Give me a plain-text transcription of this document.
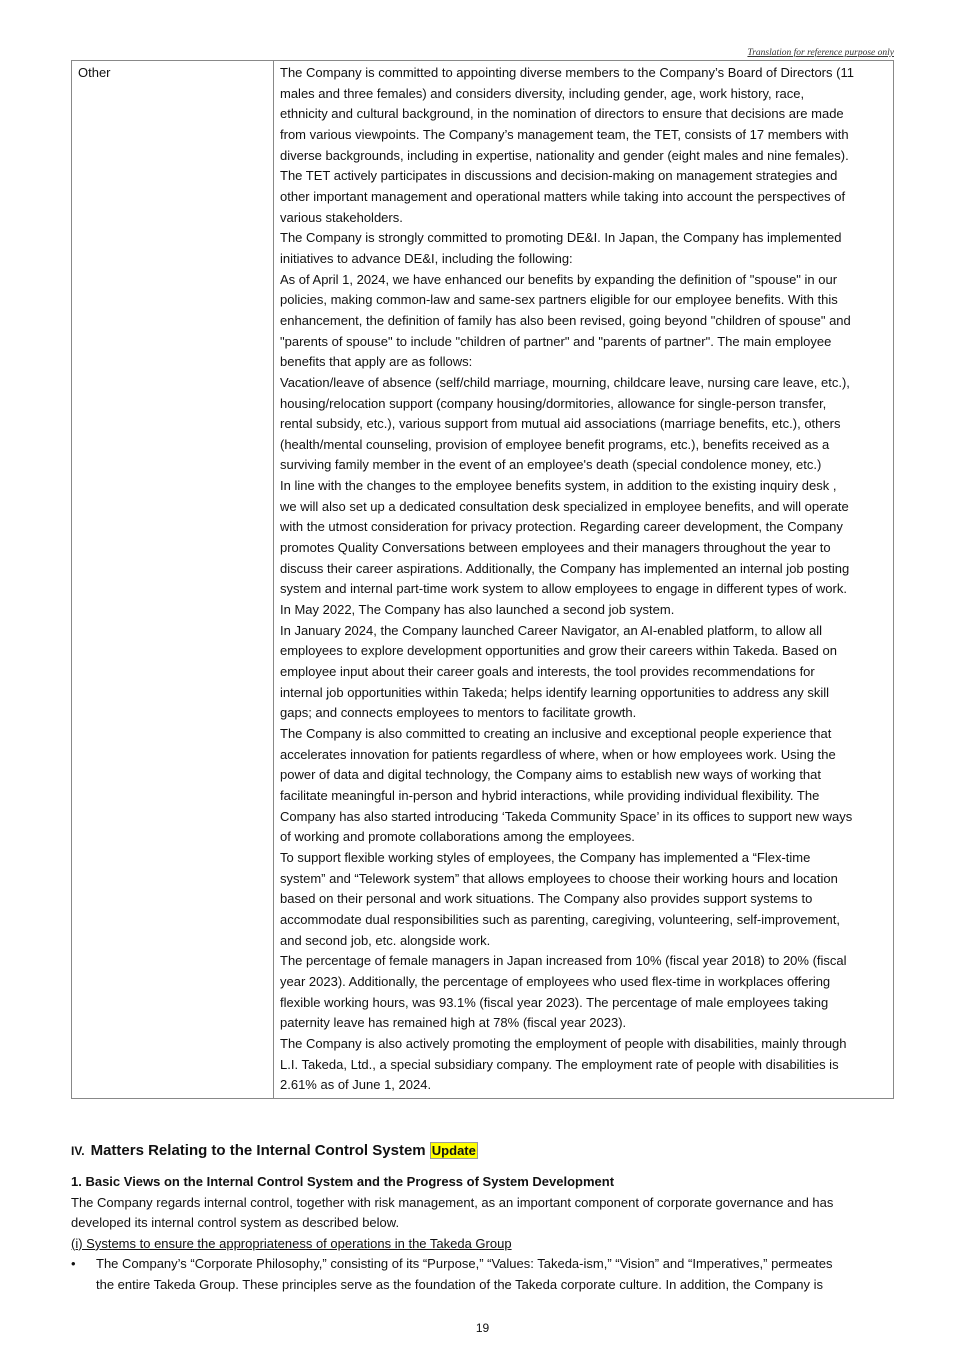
Translation for reference purpose only
Other	The Company is committed to appointing diverse members to the Company’s Board of Directors (11
males and three females) and considers diversity, including gender, age, work history, race,
ethnicity and cultural background, in the nomination of directors to ensure that decisions are made
from various viewpoints. The Company’s management team, the TET, consists of 17 members with
diverse backgrounds, including in expertise, nationality and gender (eight males and nine females).
The TET actively participates in discussions and decision-making on management strategies and
other important management and operational matters while taking into account the perspectives of
various stakeholders.
The Company is strongly committed to promoting DE&I. In Japan, the Company has implemented
initiatives to advance DE&I, including the following:
As of April 1, 2024, we have enhanced our benefits by expanding the definition of "spouse" in our
policies, making common-law and same-sex partners eligible for our employee benefits. With this
enhancement, the definition of family has also been revised, going beyond "children of spouse" and
"parents of spouse" to include "children of partner" and "parents of partner". The main employee
benefits that apply are as follows:
Vacation/leave of absence (self/child marriage, mourning, childcare leave, nursing care leave, etc.),
housing/relocation support (company housing/dormitories, allowance for single-person transfer,
rental subsidy, etc.), various support from mutual aid associations (marriage benefits, etc.), others
(health/mental counseling, provision of employee benefit programs, etc.), benefits received as a
surviving family member in the event of an employee's death (special condolence money, etc.)
In line with the changes to the employee benefits system, in addition to the existing inquiry desk ,
we will also set up a dedicated consultation desk specialized in employee benefits, and will operate
with the utmost consideration for privacy protection. Regarding career development, the Company
promotes Quality Conversations between employees and their managers throughout the year to
discuss their career aspirations. Additionally, the Company has implemented an internal job posting
system and internal part-time work system to allow employees to engage in different types of work.
In May 2022, The Company has also launched a second job system.
In January 2024, the Company launched Career Navigator, an AI-enabled platform, to allow all
employees to explore development opportunities and grow their careers within Takeda. Based on
employee input about their career goals and interests, the tool provides recommendations for
internal job opportunities within Takeda; helps identify learning opportunities to address any skill
gaps; and connects employees to mentors to facilitate growth.
The Company is also committed to creating an inclusive and exceptional people experience that
accelerates innovation for patients regardless of where, when or how employees work. Using the
power of data and digital technology, the Company aims to establish new ways of working that
facilitate meaningful in-person and hybrid interactions, while providing individual flexibility. The
Company has also started introducing ‘Takeda Community Space’ in its offices to support new ways
of working and promote collaborations among the employees.
To support flexible working styles of employees, the Company has implemented a “Flex-time
system” and “Telework system” that allows employees to choose their working hours and location
based on their personal and work situations. The Company also provides support systems to
accommodate dual responsibilities such as parenting, caregiving, volunteering, self-improvement,
and second job, etc. alongside work.
The percentage of female managers in Japan increased from 10% (fiscal year 2018) to 20% (fiscal
year 2023). Additionally, the percentage of employees who used flex-time in workplaces offering
flexible working hours, was 93.1% (fiscal year 2023). The percentage of male employees taking
paternity leave has remained high at 78% (fiscal year 2023).
The Company is also actively promoting the employment of people with disabilities, mainly through
L.I. Takeda, Ltd., a special subsidiary company. The employment rate of people with disabilities is
2.61% as of June 1, 2024.
IV. Matters Relating to the Internal Control System Update
1. Basic Views on the Internal Control System and the Progress of System Development
The Company regards internal control, together with risk management, as an important component of corporate governance and has
developed its internal control system as described below.
(i) Systems to ensure the appropriateness of operations in the Takeda Group
•	The Company’s “Corporate Philosophy,” consisting of its “Purpose,” “Values: Takeda-ism,” “Vision” and “Imperatives,” permeates
the entire Takeda Group. These principles serve as the foundation of the Takeda corporate culture. In addition, the Company is
19
